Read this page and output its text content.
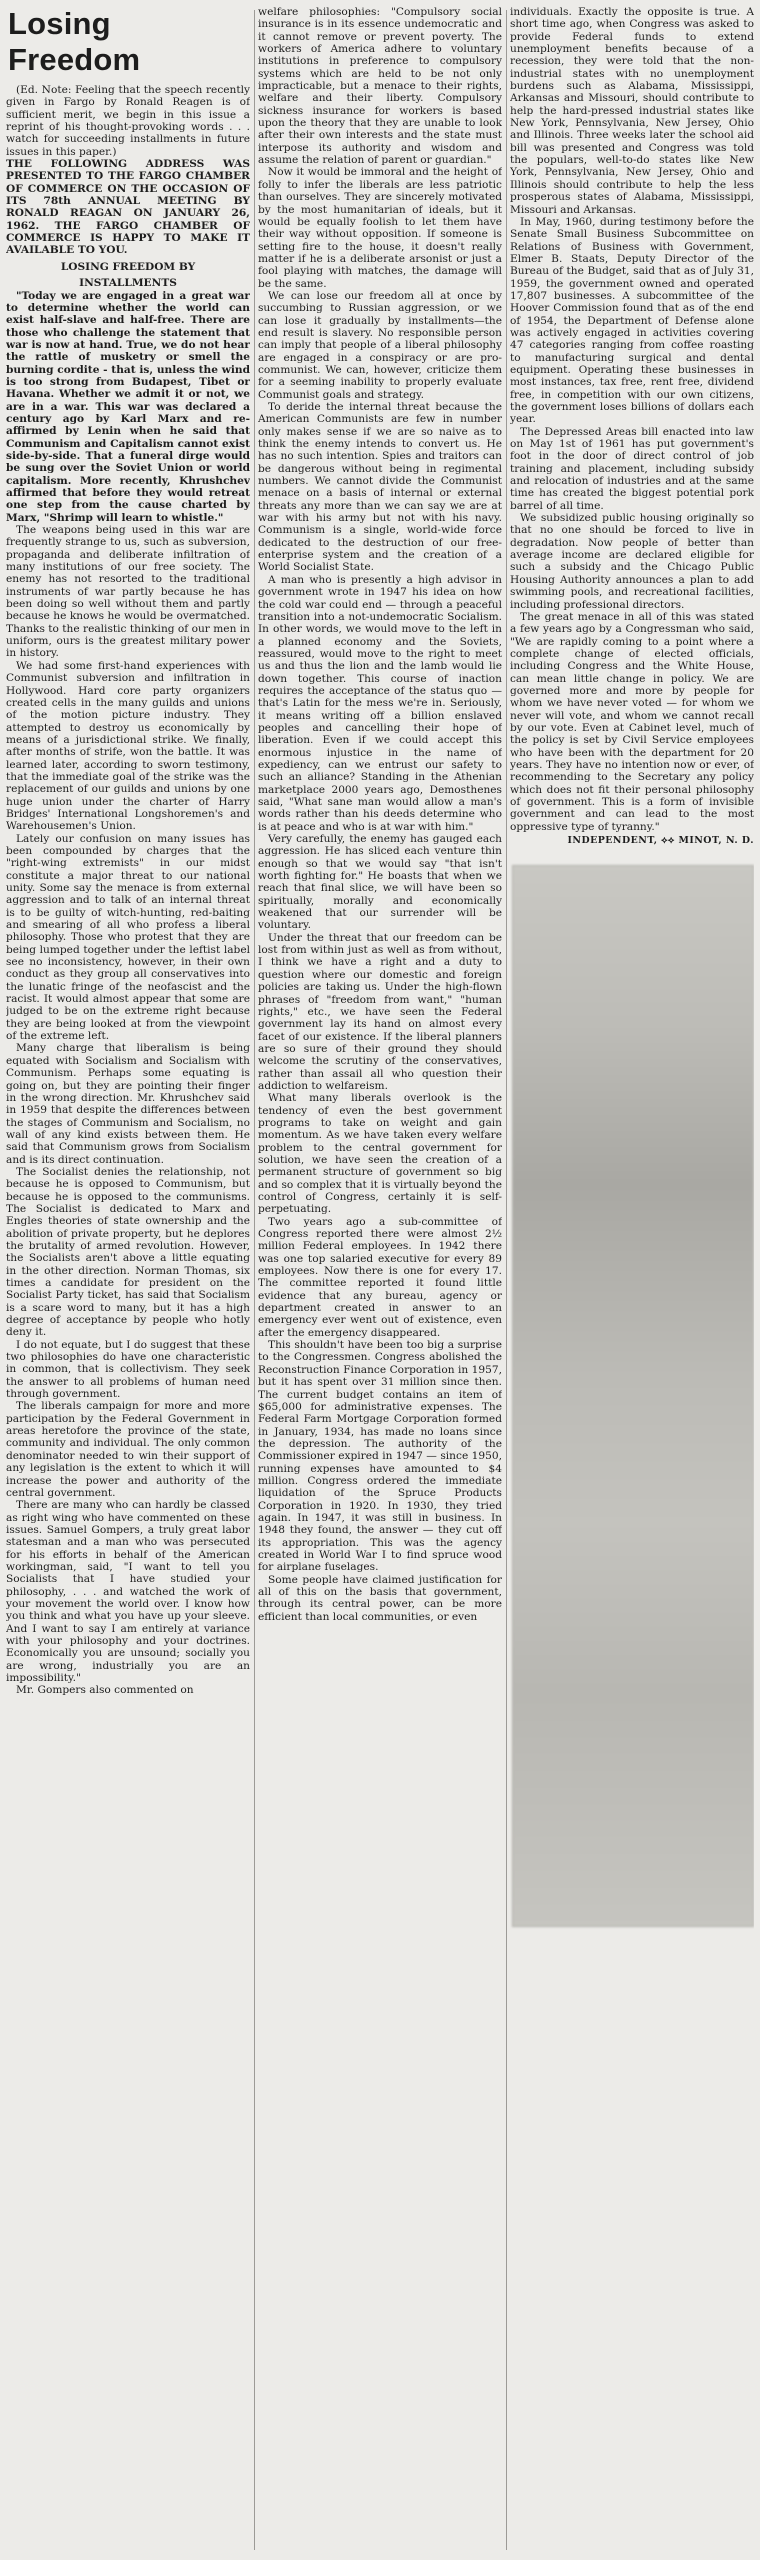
Losing Freedom

(Ed. Note: Feeling that the speech recently given in Fargo by Ronald Reagen is of sufficient merit, we begin in this issue a reprint of his thought-provoking words . . . watch for succeeding installments in future issues in this paper.)

THE FOLLOWING ADDRESS WAS PRESENTED TO THE FARGO CHAMBER OF COMMERCE ON THE OCCASION OF ITS 78th ANNUAL MEETING BY RONALD REAGAN ON JANUARY 26, 1962. THE FARGO CHAMBER OF COMMERCE IS HAPPY TO MAKE IT AVAILABLE TO YOU.

LOSING FREEDOM BY
INSTALLMENTS

"Today we are engaged in a great war to determine whether the world can exist half-slave and half-free. There are those who challenge the statement that war is now at hand. True, we do not hear the rattle of musketry or smell the burning cordite - that is, unless the wind is too strong from Budapest, Tibet or Havana. Whether we admit it or not, we are in a war. This war was declared a century ago by Karl Marx and re-affirmed by Lenin when he said that Communism and Capitalism cannot exist side-by-side. That a funeral dirge would be sung over the Soviet Union or world capitalism. More recently, Khrushchev affirmed that before they would retreat one step from the cause charted by Marx, "Shrimp will learn to whistle."

The weapons being used in this war are frequently strange to us, such as subversion, propaganda and deliberate infiltration of many institutions of our free society. The enemy has not resorted to the traditional instruments of war partly because he has been doing so well without them and partly because he knows he would be overmatched. Thanks to the realistic thinking of our men in uniform, ours is the greatest military power in history.

We had some first-hand experiences with Communist subversion and infiltration in Hollywood. Hard core party organizers created cells in the many guilds and unions of the motion picture industry. They attempted to destroy us economically by means of a jurisdictional strike. We finally, after months of strife, won the battle. It was learned later, according to sworn testimony, that the immediate goal of the strike was the replacement of our guilds and unions by one huge union under the charter of Harry Bridges' International Longshoremen's and Warehousemen's Union.

Lately our confusion on many issues has been compounded by charges that the "right-wing extremists" in our midst constitute a major threat to our national unity. Some say the menace is from external aggression and to talk of an internal threat is to be guilty of witch-hunting, red-baiting and smearing of all who profess a liberal philosophy. Those who protest that they are being lumped together under the leftist label see no inconsistency, however, in their own conduct as they group all conservatives into the lunatic fringe of the neofascist and the racist. It would almost appear that some are judged to be on the extreme right because they are being looked at from the viewpoint of the extreme left.

Many charge that liberalism is being equated with Socialism and Socialism with Communism. Perhaps some equating is going on, but they are pointing their finger in the wrong direction. Mr. Khrushchev said in 1959 that despite the differences between the stages of Communism and Socialism, no wall of any kind exists between them. He said that Communism grows from Socialism and is its direct continuation.

The Socialist denies the relationship, not because he is opposed to Communism, but because he is opposed to the communisms. The Socialist is dedicated to Marx and Engles theories of state ownership and the abolition of private property, but he deplores the brutality of armed revolution. However, the Socialists aren't above a little equating in the other direction. Norman Thomas, six times a candidate for president on the Socialist Party ticket, has said that Socialism is a scare word to many, but it has a high degree of acceptance by people who hotly deny it.

I do not equate, but I do suggest that these two philosophies do have one characteristic in common, that is collectivism. They seek the answer to all problems of human need through government.

The liberals campaign for more and more participation by the Federal Government in areas heretofore the province of the state, community and individual. The only common denominator needed to win their support of any legislation is the extent to which it will increase the power and authority of the central government.

There are many who can hardly be classed as right wing who have commented on these issues. Samuel Gompers, a truly great labor statesman and a man who was persecuted for his efforts in behalf of the American workingman, said, "I want to tell you Socialists that I have studied your philosophy, . . . and watched the work of your movement the world over. I know how you think and what you have up your sleeve. And I want to say I am entirely at variance with your philosophy and your doctrines. Economically you are unsound; socially you are wrong, industrially you are an impossibility."

Mr. Gompers also commented on

welfare philosophies: "Compulsory social insurance is in its essence undemocratic and it cannot remove or prevent poverty. The workers of America adhere to voluntary institutions in preference to compulsory systems which are held to be not only impracticable, but a menace to their rights, welfare and their liberty. Compulsory sickness insurance for workers is based upon the theory that they are unable to look after their own interests and the state must interpose its authority and wisdom and assume the relation of parent or guardian."

Now it would be immoral and the height of folly to infer the liberals are less patriotic than ourselves. They are sincerely motivated by the most humanitarian of ideals, but it would be equally foolish to let them have their way without opposition. If someone is setting fire to the house, it doesn't really matter if he is a deliberate arsonist or just a fool playing with matches, the damage will be the same.

We can lose our freedom all at once by succumbing to Russian aggression, or we can lose it gradually by installments—the end result is slavery. No responsible person can imply that people of a liberal philosophy are engaged in a conspiracy or are pro-communist. We can, however, criticize them for a seeming inability to properly evaluate Communist goals and strategy.

To deride the internal threat because the American Communists are few in number only makes sense if we are so naive as to think the enemy intends to convert us. He has no such intention. Spies and traitors can be dangerous without being in regimental numbers. We cannot divide the Communist menace on a basis of internal or external threats any more than we can say we are at war with his army but not with his navy. Communism is a single, world-wide force dedicated to the destruction of our free-enterprise system and the creation of a World Socialist State.

A man who is presently a high advisor in government wrote in 1947 his idea on how the cold war could end — through a peaceful transition into a not-undemocratic Socialism. In other words, we would move to the left in a planned economy and the Soviets, reassured, would move to the right to meet us and thus the lion and the lamb would lie down together. This course of inaction requires the acceptance of the status quo — that's Latin for the mess we're in. Seriously, it means writing off a billion enslaved peoples and cancelling their hope of liberation. Even if we could accept this enormous injustice in the name of expediency, can we entrust our safety to such an alliance? Standing in the Athenian marketplace 2000 years ago, Demosthenes said, "What sane man would allow a man's words rather than his deeds determine who is at peace and who is at war with him."

Very carefully, the enemy has gauged each aggression. He has sliced each venture thin enough so that we would say "that isn't worth fighting for." He boasts that when we reach that final slice, we will have been so spiritually, morally and economically weakened that our surrender will be voluntary.

Under the threat that our freedom can be lost from within just as well as from without, I think we have a right and a duty to question where our domestic and foreign policies are taking us. Under the high-flown phrases of "freedom from want," "human rights," etc., we have seen the Federal government lay its hand on almost every facet of our existence. If the liberal planners are so sure of their ground they should welcome the scrutiny of the conservatives, rather than assail all who question their addiction to welfareism.

What many liberals overlook is the tendency of even the best government programs to take on weight and gain momentum. As we have taken every welfare problem to the central government for solution, we have seen the creation of a permanent structure of government so big and so complex that it is virtually beyond the control of Congress, certainly it is self-perpetuating.

Two years ago a sub-committee of Congress reported there were almost 2½ million Federal employees. In 1942 there was one top salaried executive for every 89 employees. Now there is one for every 17. The committee reported it found little evidence that any bureau, agency or department created in answer to an emergency ever went out of existence, even after the emergency disappeared.

This shouldn't have been too big a surprise to the Congressmen. Congress abolished the Reconstruction Finance Corporation in 1957, but it has spent over 31 million since then. The current budget contains an item of $65,000 for administrative expenses. The Federal Farm Mortgage Corporation formed in January, 1934, has made no loans since the depression. The authority of the Commissioner expired in 1947 — since 1950, running expenses have amounted to $4 million. Congress ordered the immediate liquidation of the Spruce Products Corporation in 1920. In 1930, they tried again. In 1947, it was still in business. In 1948 they found, the answer — they cut off its appropriation. This was the agency created in World War I to find spruce wood for airplane fuselages.

Some people have claimed justification for all of this on the basis that government, through its central power, can be more efficient than local communities, or even

individuals. Exactly the opposite is true. A short time ago, when Congress was asked to provide Federal funds to extend unemployment benefits because of a recession, they were told that the non-industrial states with no unemployment burdens such as Alabama, Mississippi, Arkansas and Missouri, should contribute to help the hard-pressed industrial states like New York, Pennsylvania, New Jersey, Ohio and Illinois. Three weeks later the school aid bill was presented and Congress was told the populars, well-to-do states like New York, Pennsylvania, New Jersey, Ohio and Illinois should contribute to help the less prosperous states of Alabama, Mississippi, Missouri and Arkansas.

In May, 1960, during testimony before the Senate Small Business Subcommittee on Relations of Business with Government, Elmer B. Staats, Deputy Director of the Bureau of the Budget, said that as of July 31, 1959, the government owned and operated 17,807 businesses. A subcommittee of the Hoover Commission found that as of the end of 1954, the Department of Defense alone was actively engaged in activities covering 47 categories ranging from coffee roasting to manufacturing surgical and dental equipment. Operating these businesses in most instances, tax free, rent free, dividend free, in competition with our own citizens, the government loses billions of dollars each year.

The Depressed Areas bill enacted into law on May 1st of 1961 has put government's foot in the door of direct control of job training and placement, including subsidy and relocation of industries and at the same time has created the biggest potential pork barrel of all time.

We subsidized public housing originally so that no one should be forced to live in degradation. Now people of better than average income are declared eligible for such a subsidy and the Chicago Public Housing Authority announces a plan to add swimming pools, and recreational facilities, including professional directors.

The great menace in all of this was stated a few years ago by a Congressman who said, "We are rapidly coming to a point where a complete change of elected officials, including Congress and the White House, can mean little change in policy. We are governed more and more by people for whom we have never voted — for whom we never will vote, and whom we cannot recall by our vote. Even at Cabinet level, much of the policy is set by Civil Service employees who have been with the department for 20 years. They have no intention now or ever, of recommending to the Secretary any policy which does not fit their personal philosophy of government. This is a form of invisible government and can lead to the most oppressive type of tyranny."

INDEPENDENT, ⟡⟡ MINOT, N. D.
